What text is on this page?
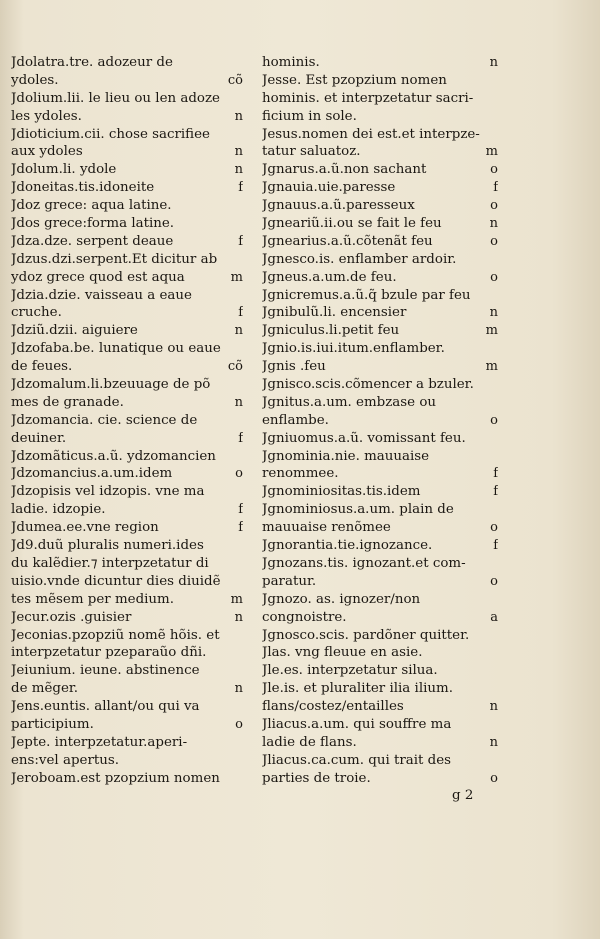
Jdolatra.tre. adozeur de
ydoles.	cõ
Jdolium.lii. le lieu ou len adoze
les ydoles.	n
Jdioticium.cii. chose sacrifiee
aux ydoles	n
Jdolum.li. ydole	n
Jdoneitas.tis.idoneite	f
Jdoz grece: aqua latine.
Jdos grece:forma latine.
Jdza.dze. serpent deaue	f
Jdzus.dzi.serpent.Et dicitur ab
ydoz grece quod est aqua	m
Jdzia.dzie. vaisseau a eaue
cruche.	f
Jdziũ.dzii. aiguiere	n
Jdzofaba.be. lunatique ou eaue
de feues.	cõ
Jdzomalum.li.bzeuuage de põ
mes de granade.	n
Jdzomancia. cie. science de
deuiner.	f
Jdzomãticus.a.ũ. ydzomancien
Jdzomancius.a.um.idem	o
Jdzopisis vel idzopis. vne ma
ladie. idzopie.	f
Jdumea.ee.vne region	f
Jd9.duũ pluralis numeri.ides
du kalẽdier.⁊ interpzetatur di
uisio.vnde dicuntur dies diuidẽ
tes mẽsem per medium.	m
Jecur.ozis .guisier	n
Jeconias.pzopziũ nomẽ hõis. et
interpzetatur pzeparaũo dñi.
Jeiunium. ieune. abstinence
de mẽger.	n
Jens.euntis. allant/ou qui va
participium.	o
Jepte. interpzetatur.aperi-
ens:vel apertus.
Jeroboam.est pzopzium nomen
hominis.	n
Jesse. Est pzopzium nomen
hominis. et interpzetatur sacri-
ficium in sole.
Jesus.nomen dei est.et interpze-
tatur saluatoz.	m
Jgnarus.a.ũ.non sachant	o
Jgnauia.uie.paresse	f
Jgnauus.a.ũ.paresseux	o
Jgneariũ.ii.ou se fait le feu	n
Jgnearius.a.ũ.cõtenãt feu	o
Jgnesco.is. enflamber ardoir.
Jgneus.a.um.de feu.	o
Jgnicremus.a.ũ.q̃ bzule par feu
Jgnibulũ.li. encensier	n
Jgniculus.li.petit feu	m
Jgnio.is.iui.itum.enflamber.
Jgnis .feu	m
Jgnisco.scis.cõmencer a bzuler.
Jgnitus.a.um. embzase ou
enflambe.	o
Jgniuomus.a.ũ. vomissant feu.
Jgnominia.nie. mauuaise
renommee.	f
Jgnominiositas.tis.idem	f
Jgnominiosus.a.um. plain de
mauuaise renõmee	o
Jgnorantia.tie.ignozance.	f
Jgnozans.tis. ignozant.et com-
paratur.	o
Jgnozo. as. ignozer/non
congnoistre.	a
Jgnosco.scis. pardõner quitter.
Jlas. vng fleuue en asie.
Jle.es. interpzetatur silua.
Jle.is. et pluraliter ilia ilium.
flans/costez/entailles	n
Jliacus.a.um. qui souffre ma
ladie de flans.	n
Jliacus.ca.cum. qui trait des
parties de troie.	o
g 2
